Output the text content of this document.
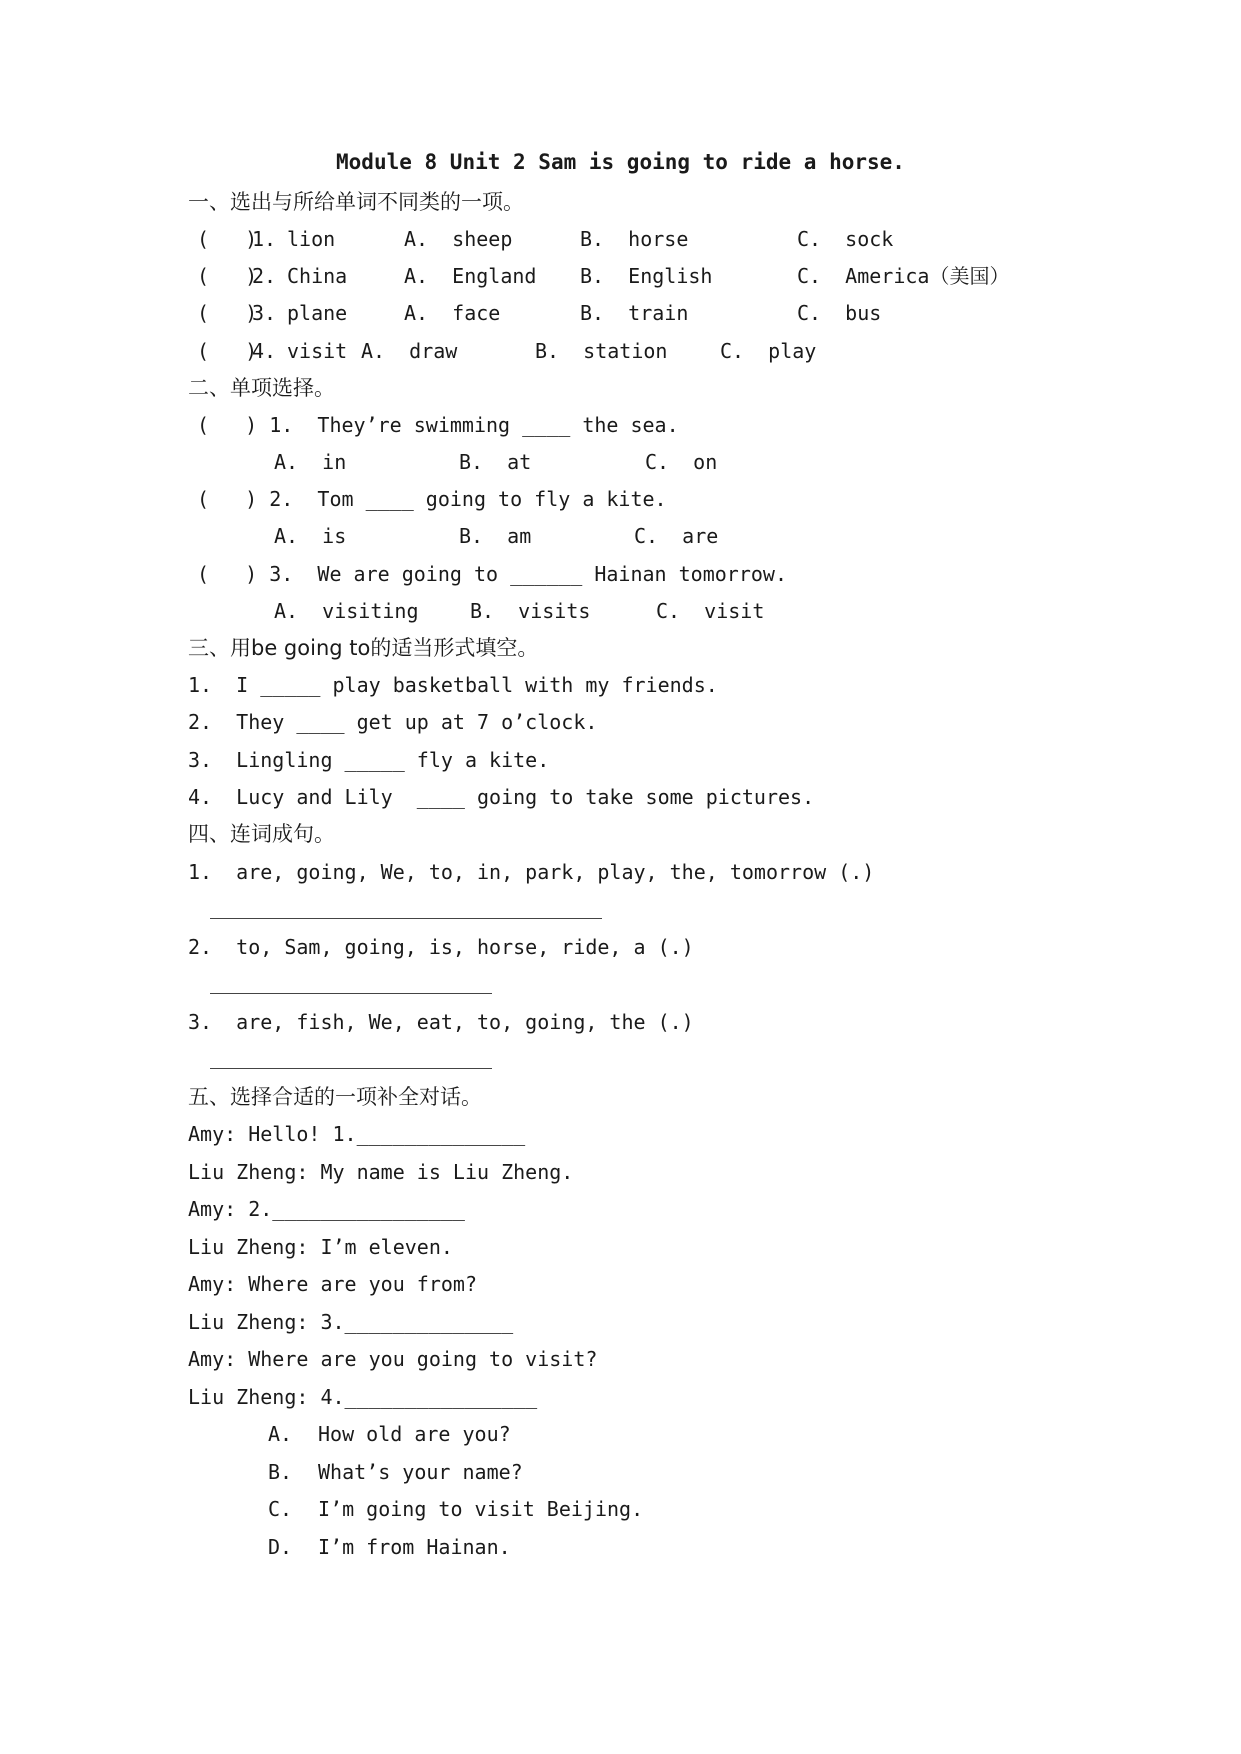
Module 8 Unit 2 Sam is going to ride a horse.
一、选出与所给单词不同类的一项。
(   )
1. lion	A.  sheep	B.  horse	C.  sock
(   )
2. China	A.  England B.  English	C.  America（美国）
(   )
3. plane	A.  face	B.  train	C.  bus
(   )
4. visit A.  draw	B.  station	C.  play
二、单项选择。
(   ) 1.  They’re swimming ____ the sea.
A.  in	B.  at	C.  on
(   ) 2.  Tom ____ going to fly a kite.
A.  is	B.  am	C.  are
(   ) 3.  We are going to ______ Hainan tomorrow.
A.  visiting	B.  visits	C.  visit
三、用be going to的适当形式填空。
1.  I _____ play basketball with my friends.
2.  They ____ get up at 7 o’clock.
3.  Lingling _____ fly a kite.
4.  Lucy and Lily  ____ going to take some pictures.
四、连词成句。
1.  are, going, We, to, in, park, play, the, tomorrow (.)
2.  to, Sam, going, is, horse, ride, a (.)
3.  are, fish, We, eat, to, going, the (.)
五、选择合适的一项补全对话。
Amy: Hello! 1.______________
Liu Zheng: My name is Liu Zheng.
Amy: 2.________________
Liu Zheng: I’m eleven.
Amy: Where are you from?
Liu Zheng: 3.______________
Amy: Where are you going to visit?
Liu Zheng: 4.________________
A. How old are you?
B. What’s your name?
C. I’m going to visit Beijing.
D. I’m from Hainan.
